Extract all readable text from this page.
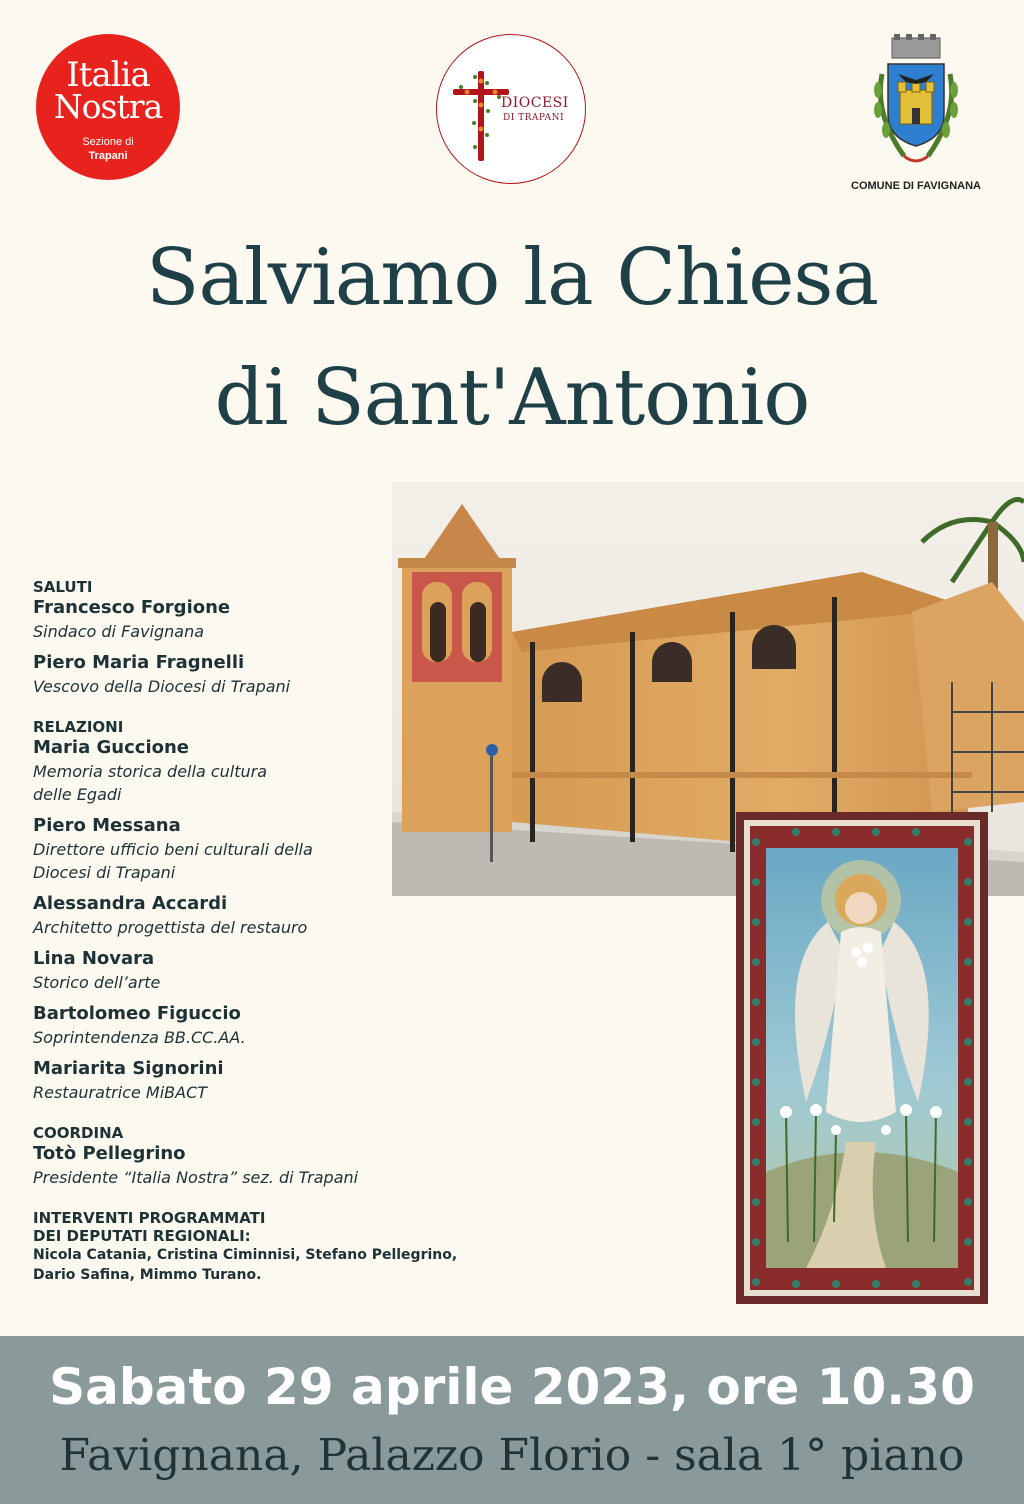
Italia
Nostra
Sezione di
Trapani
DIOCESI
DI TRAPANI
COMUNE DI FAVIGNANA
Salviamo la Chiesa
di Sant'Antonio
SALUTI
Francesco Forgione
Sindaco di Favignana
Piero Maria Fragnelli
Vescovo della Diocesi di Trapani
RELAZIONI
Maria Guccione
Memoria storica della cultura
delle Egadi
Piero Messana
Direttore ufficio beni culturali della
Diocesi di Trapani
Alessandra Accardi
Architetto progettista del restauro
Lina Novara
Storico dell’arte
Bartolomeo Figuccio
Soprintendenza BB.CC.AA.
Mariarita Signorini
Restauratrice MiBACT
COORDINA
Totò Pellegrino
Presidente “Italia Nostra” sez. di Trapani
INTERVENTI PROGRAMMATI
DEI DEPUTATI REGIONALI:
Nicola Catania, Cristina Ciminnisi, Stefano Pellegrino,
Dario Safina, Mimmo Turano.
Sabato 29 aprile 2023, ore 10.30
Favignana, Palazzo Florio - sala 1° piano
